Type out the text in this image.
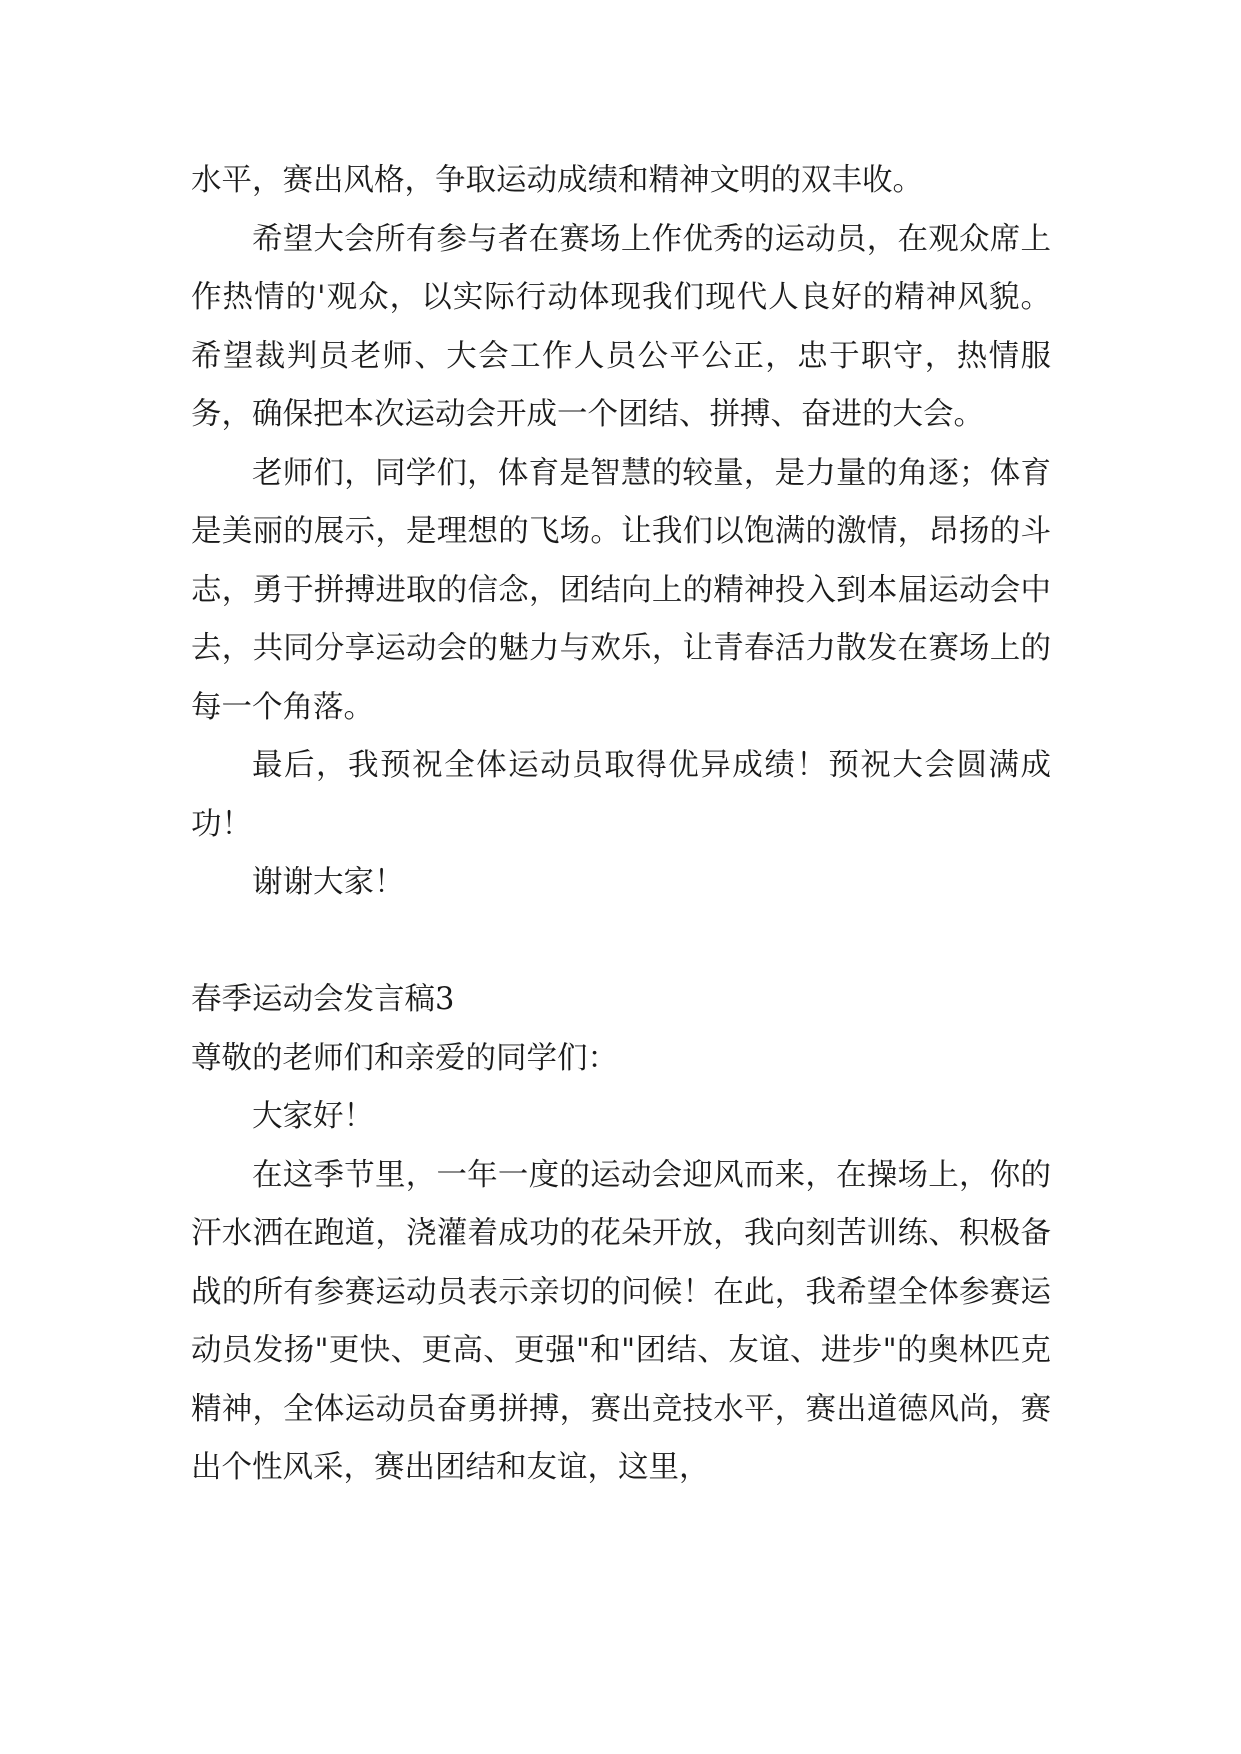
水平，赛出风格，争取运动成绩和精神文明的双丰收。

希望大会所有参与者在赛场上作优秀的运动员，在观众席上作热情的'观众，以实际行动体现我们现代人良好的精神风貌。希望裁判员老师、大会工作人员公平公正，忠于职守，热情服务，确保把本次运动会开成一个团结、拼搏、奋进的大会。

老师们，同学们，体育是智慧的较量，是力量的角逐；体育是美丽的展示，是理想的飞场。让我们以饱满的激情，昂扬的斗志，勇于拼搏进取的信念，团结向上的精神投入到本届运动会中去，共同分享运动会的魅力与欢乐，让青春活力散发在赛场上的每一个角落。

最后，我预祝全体运动员取得优异成绩！预祝大会圆满成功！

谢谢大家！

春季运动会发言稿3

尊敬的老师们和亲爱的同学们：

大家好！

在这季节里，一年一度的运动会迎风而来，在操场上，你的汗水洒在跑道，浇灌着成功的花朵开放，我向刻苦训练、积极备战的所有参赛运动员表示亲切的问候！在此，我希望全体参赛运动员发扬"更快、更高、更强"和"团结、友谊、进步"的奥林匹克精神，全体运动员奋勇拼搏，赛出竞技水平，赛出道德风尚，赛出个性风采，赛出团结和友谊，这里，
